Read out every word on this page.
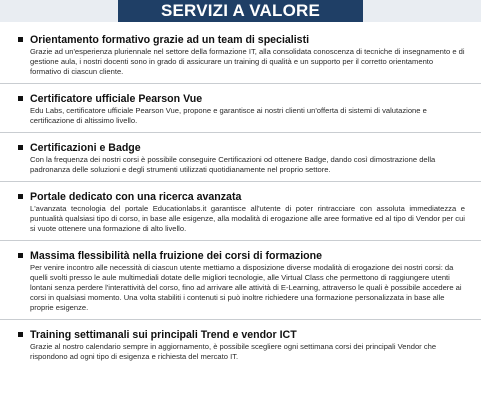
SERVIZI A VALORE
Orientamento formativo grazie ad un team di specialisti

Grazie ad un'esperienza pluriennale nel settore della formazione IT, alla consolidata conoscenza di tecniche di insegnamento e di gestione aula, i nostri docenti sono in grado di assicurare un training di qualità e un supporto per il corretto orientamento formativo di ciascun cliente.

Certificatore ufficiale Pearson Vue

Edu Labs, certificatore ufficiale Pearson Vue, propone e garantisce ai nostri clienti un'offerta di sistemi di valutazione e certificazione di altissimo livello.

Certificazioni e Badge

Con la frequenza dei nostri corsi è possibile conseguire Certificazioni od ottenere Badge, dando così dimostrazione della padronanza delle soluzioni e degli strumenti utilizzati quotidianamente nel proprio settore.

Portale dedicato con una ricerca avanzata

L'avanzata tecnologia del portale Educationlabs.it garantisce all'utente di poter rintracciare con assoluta immediatezza e puntualità qualsiasi tipo di corso, in base alle esigenze, alla modalità di erogazione alle aree formative ed al tipo di Vendor per cui si vuote ottenere una formazione di alto livello.

Massima flessibilità nella fruizione dei corsi di formazione

Per venire incontro alle necessità di ciascun utente mettiamo a disposizione diverse modalità di erogazione dei nostri corsi: da quelli svolti presso le aule multimediali dotate delle migliori tecnologie, alle Virtual Class che permettono di raggiungere utenti lontani senza perdere l'interattività del corso, fino ad arrivare alle attività di E-Learning, attraverso le quali è possibile accedere ai corsi in qualsiasi momento. Una volta stabiliti i contenuti si può inoltre richiedere una formazione personalizzata in base alle proprie esigenze.

Training settimanali sui principali Trend e vendor ICT

Grazie al nostro calendario sempre in aggiornamento, è possibile scegliere ogni settimana corsi dei principali Vendor che rispondono ad ogni tipo di esigenza e richiesta del mercato IT.
